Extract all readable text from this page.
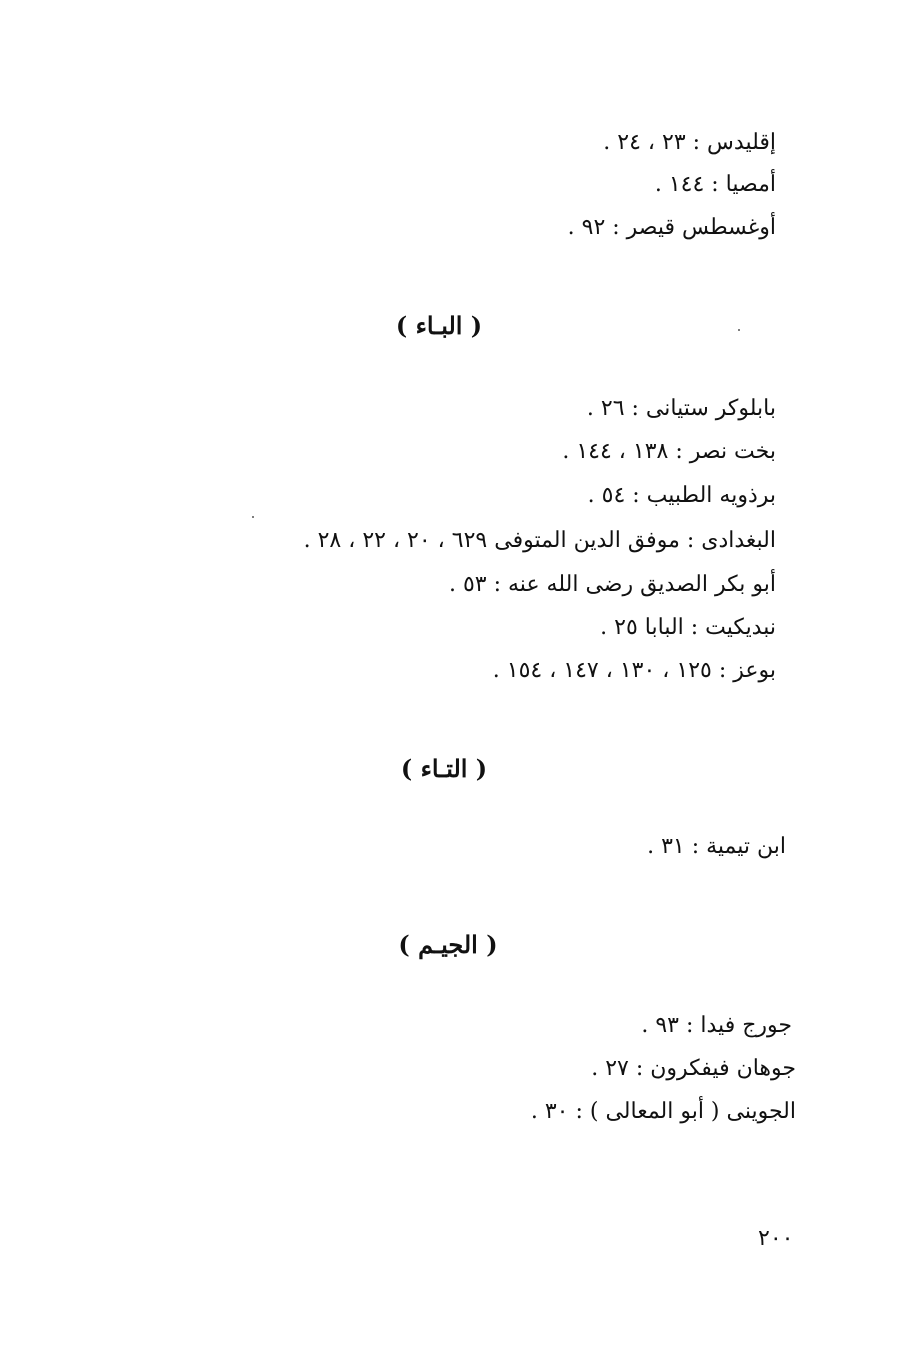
إقليدس : ٢٣ ، ٢٤ .
أمصيا : ١٤٤ .
أوغسطس قيصر : ٩٢ .
( البـاء )
بابلوكر ستيانى : ٢٦ .
بخت نصر : ١٣٨ ، ١٤٤ .
برذويه الطبيب : ٥٤ .
البغدادى : موفق الدين المتوفى ٦٢٩ ، ٢٠ ، ٢٢ ، ٢٨ .
أبو بكر الصديق رضى الله عنه : ٥٣ .
نبديكيت : البابا ٢٥ .
بوعز : ١٢٥ ، ١٣٠ ، ١٤٧ ، ١٥٤ .
( التـاء )
ابن تيمية : ٣١ .
( الجيـم )
جورج فيدا : ٩٣ .
جوهان فيفكرون : ٢٧ .
الجوينى ( أبو المعالى ) : ٣٠ .
٢٠٠
